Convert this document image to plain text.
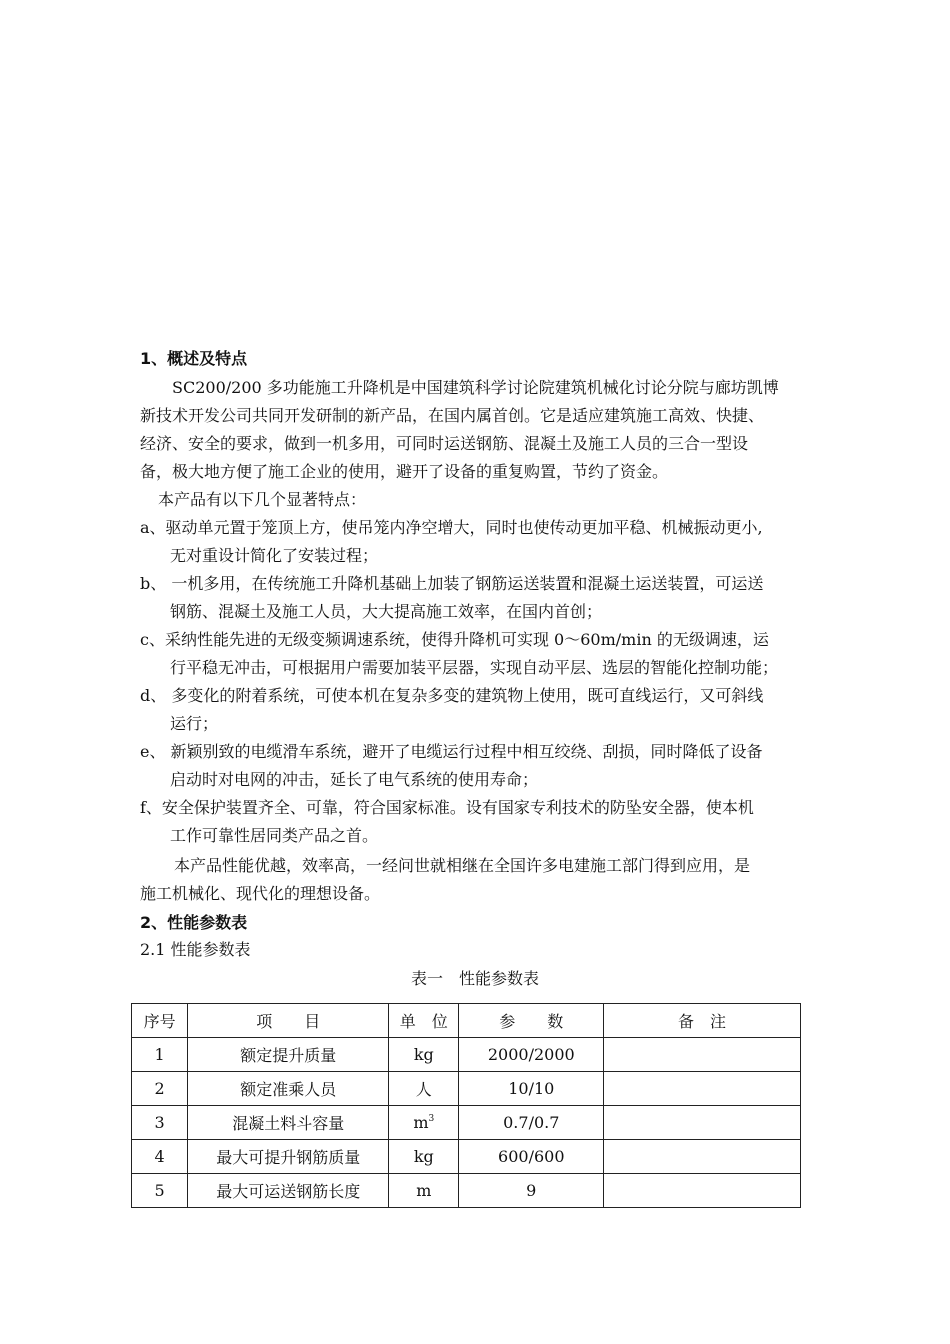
1、概述及特点
SC200/200 多功能施工升降机是中国建筑科学讨论院建筑机械化讨论分院与廊坊凯博
新技术开发公司共同开发研制的新产品，在国内属首创。它是适应建筑施工高效、快捷、
经济、安全的要求，做到一机多用，可同时运送钢筋、混凝土及施工人员的三合一型设
备，极大地方便了施工企业的使用，避开了设备的重复购置，节约了资金。
本产品有以下几个显著特点：
a、驱动单元置于笼顶上方，使吊笼内净空增大，同时也使传动更加平稳、机械振动更小,
无对重设计简化了安装过程；
b、 一机多用，在传统施工升降机基础上加装了钢筋运送装置和混凝土运送装置，可运送
钢筋、混凝土及施工人员，大大提高施工效率，在国内首创；
c、采纳性能先进的无级变频调速系统，使得升降机可实现 0～60m/min 的无级调速，运
行平稳无冲击，可根据用户需要加装平层器，实现自动平层、选层的智能化控制功能；
d、 多变化的附着系统，可使本机在复杂多变的建筑物上使用，既可直线运行，又可斜线
运行；
e、 新颖别致的电缆滑车系统，避开了电缆运行过程中相互绞绕、刮损，同时降低了设备
启动时对电网的冲击，延长了电气系统的使用寿命；
f、安全保护装置齐全、可靠，符合国家标准。设有国家专利技术的防坠安全器，使本机
工作可靠性居同类产品之首。
本产品性能优越，效率高，一经问世就相继在全国许多电建施工部门得到应用，是
施工机械化、现代化的理想设备。
2、性能参数表
2.1 性能参数表
表一　性能参数表
序号	项　　目	单　位	参　　数	备　注
1	额定提升质量	kg	2000/2000	
2	额定准乘人员	人	10/10	
3	混凝土料斗容量	$m^3$	0.7/0.7	
4	最大可提升钢筋质量	kg	600/600	
5	最大可运送钢筋长度	m	9	
